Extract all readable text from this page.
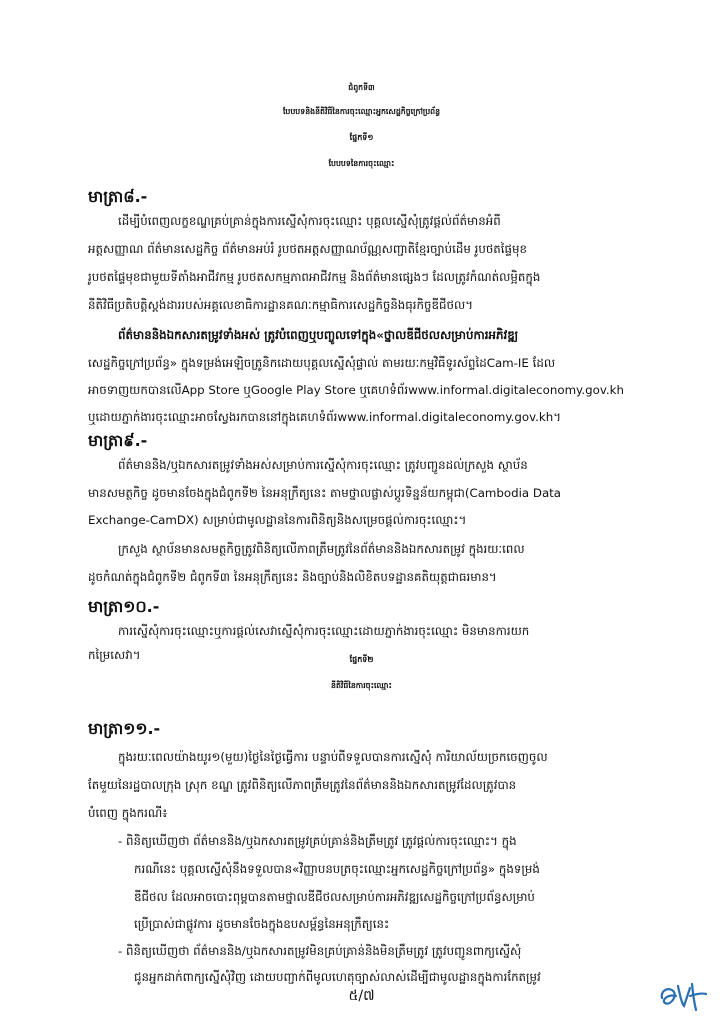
ជំពូកទី៣
បែបបទនិងនីតិវិធីនៃការចុះឈ្មោះអ្នកសេដ្ឋកិច្ចក្រៅប្រព័ន្ធ
ផ្នែកទី១
បែបបទនៃការចុះឈ្មោះ
មាត្រា៨.-
ដើម្បីបំពេញលក្ខខណ្ឌគ្រប់គ្រាន់ក្នុងការស្នើសុំការចុះឈ្មោះ បុគ្គលស្នើសុំត្រូវផ្តល់ព័ត៌មានអំពី
អត្តសញ្ញាណ ព័ត៌មានសេដ្ឋកិច្ច ព័ត៌មានអប់រំ រូបថតអត្តសញ្ញាណប័ណ្ណសញ្ជាតិខ្មែរច្បាប់ដើម រូបថតផ្ទៃមុខ
រូបថតផ្ទៃមុខជាមួយទីតាំងអាជីវកម្ម រូបថតសកម្មភាពអាជីវកម្ម និងព័ត៌មានផ្សេងៗ ដែលត្រូវកំណត់លម្អិតក្នុង
នីតិវិធីប្រតិបត្តិស្តង់ដាររបស់អគ្គលេខាធិការដ្ឋានគណៈកម្មាធិការសេដ្ឋកិច្ចនិងធុរកិច្ចឌីជីថល។
ព័ត៌មាននិងឯកសារតម្រូវទាំងអស់ ត្រូវបំពេញឬបញ្ចូលទៅក្នុង«ថ្នាលឌីជីថលសម្រាប់ការអភិវឌ្ឍ
សេដ្ឋកិច្ចក្រៅប្រព័ន្ធ» ក្នុងទម្រង់អេឡិចត្រូនិកដោយបុគ្គលស្នើសុំផ្ទាល់ តាមរយៈកម្មវិធីទូរស័ព្ទដៃCam-IE ដែល
អាចទាញយកបានលើApp Store ឬGoogle Play Store ឬគេហទំព័រwww.informal.digitaleconomy.gov.kh
ឬដោយភ្នាក់ងារចុះឈ្មោះអាចស្វែងរកបាននៅក្នុងគេហទំព័រwww.informal.digitaleconomy.gov.kh។
មាត្រា៩.-
ព័ត៌មាននិង/ឬឯកសារតម្រូវទាំងអស់សម្រាប់ការស្នើសុំការចុះឈ្មោះ ត្រូវបញ្ជូនដល់ក្រសួង ស្ថាប័ន
មានសមត្ថកិច្ច ដូចមានចែងក្នុងជំពូកទី២ នៃអនុក្រឹត្យនេះ តាមថ្នាលផ្លាស់ប្តូរទិន្នន័យកម្ពុជា(Cambodia Data
Exchange-CamDX) សម្រាប់ជាមូលដ្ឋាននៃការពិនិត្យនិងសម្រេចផ្តល់ការចុះឈ្មោះ។
ក្រសួង ស្ថាប័នមានសមត្ថកិច្ចត្រូវពិនិត្យលើភាពត្រឹមត្រូវនៃព័ត៌មាននិងឯកសារតម្រូវ ក្នុងរយៈពេល
ដូចកំណត់ក្នុងជំពូកទី២ ជំពូកទី៣ នៃអនុក្រឹត្យនេះ និងច្បាប់និងលិខិតបទដ្ឋានគតិយុត្តជាធរមាន។
មាត្រា១០.-
ការស្នើសុំការចុះឈ្មោះឬការផ្តល់សេវាស្នើសុំការចុះឈ្មោះដោយភ្នាក់ងារចុះឈ្មោះ មិនមានការយក
កម្រៃសេវា។	ផ្នែកទី២
នីតិវិធីនៃការចុះឈ្មោះ
មាត្រា១១.-
ក្នុងរយៈពេលយ៉ាងយូរ១(មួយ)ថ្ងៃនៃថ្ងៃធ្វើការ បន្ទាប់ពីទទួលបានការស្នើសុំ ការិយាល័យច្រកចេញចូល
តែមួយនៃរដ្ឋបាលក្រុង ស្រុក ខណ្ឌ ត្រូវពិនិត្យលើភាពត្រឹមត្រូវនៃព័ត៌មាននិងឯកសារតម្រូវដែលត្រូវបាន
បំពេញ ក្នុងករណី៖
- ពិនិត្យឃើញថា ព័ត៌មាននិង/ឬឯកសារតម្រូវគ្រប់គ្រាន់និងត្រឹមត្រូវ ត្រូវផ្តល់ការចុះឈ្មោះ។ ក្នុង
ករណីនេះ បុគ្គលស្នើសុំនឹងទទួលបាន«វិញ្ញាបនបត្រចុះឈ្មោះអ្នកសេដ្ឋកិច្ចក្រៅប្រព័ន្ធ» ក្នុងទម្រង់
ឌីជីថល ដែលអាចបោះពុម្ពបានតាមថ្នាលឌីជីថលសម្រាប់ការអភិវឌ្ឍសេដ្ឋកិច្ចក្រៅប្រព័ន្ធសម្រាប់
ប្រើប្រាស់ជាផ្លូវការ ដូចមានចែងក្នុងឧបសម្ព័ន្ធនៃអនុក្រឹត្យនេះ
- ពិនិត្យឃើញថា ព័ត៌មាននិង/ឬឯកសារតម្រូវមិនគ្រប់គ្រាន់និងមិនត្រឹមត្រូវ ត្រូវបញ្ជូនពាក្យស្នើសុំ
ជូនអ្នកដាក់ពាក្យស្នើសុំវិញ ដោយបញ្ជាក់ពីមូលហេតុច្បាស់លាស់ដើម្បីជាមូលដ្ឋានក្នុងការកែតម្រូវ
៥/៧
